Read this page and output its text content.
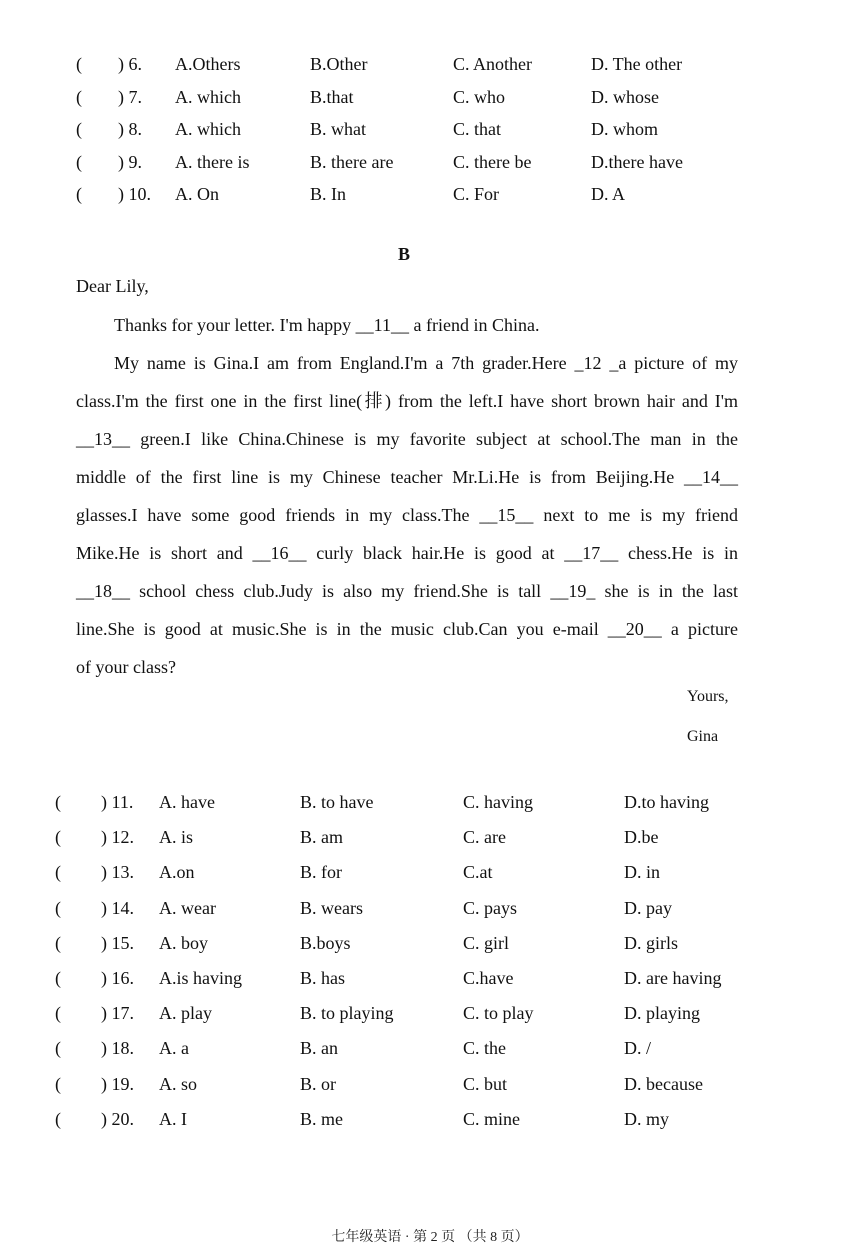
( ) 6. A.Others	B.Other	C. Another	D. The other
( ) 7. A. which	B.that	C. who	D. whose
( ) 8. A. which	B. what	C. that	D. whom
( ) 9. A. there is	B. there are	C. there be	D.there have
( ) 10. A. On	B. In	C. For	D. A
B
Dear Lily,
Thanks for your letter. I'm happy __11__ a friend in China.
My name is Gina.I am from England.I'm a 7th grader.Here _12 _a picture of my
class.I'm the first one in the first line(排) from the left.I have short brown hair and I'm
__13__ green.I like China.Chinese is my favorite subject at school.The man in the
middle of the first line is my Chinese teacher Mr.Li.He is from Beijing.He __14__
glasses.I have some good friends in my class.The __15__ next to me is my friend
Mike.He is short and __16__ curly black hair.He is good at __17__ chess.He is in
__18__ school chess club.Judy is also my friend.She is tall __19_ she is in the last
line.She is good at music.She is in the music club.Can you e-mail __20__ a picture
of your class?
Yours,
Gina
( ) 11. A. have	B. to have	C. having	D.to having
( ) 12. A. is	B. am	C. are	D.be
( ) 13. A.on	B. for	C.at	D. in
( ) 14. A. wear	B. wears	C. pays	D. pay
( ) 15. A. boy	B.boys	C. girl	D. girls
( ) 16. A.is having	B. has	C.have	D. are having
( ) 17. A. play	B. to playing	C. to play	D. playing
( ) 18. A. a	B. an	C. the	D. /
( ) 19. A. so	B. or	C. but	D. because
( ) 20. A. I	B. me	C. mine	D. my
七年级英语 · 第 2 页 （共 8 页）
